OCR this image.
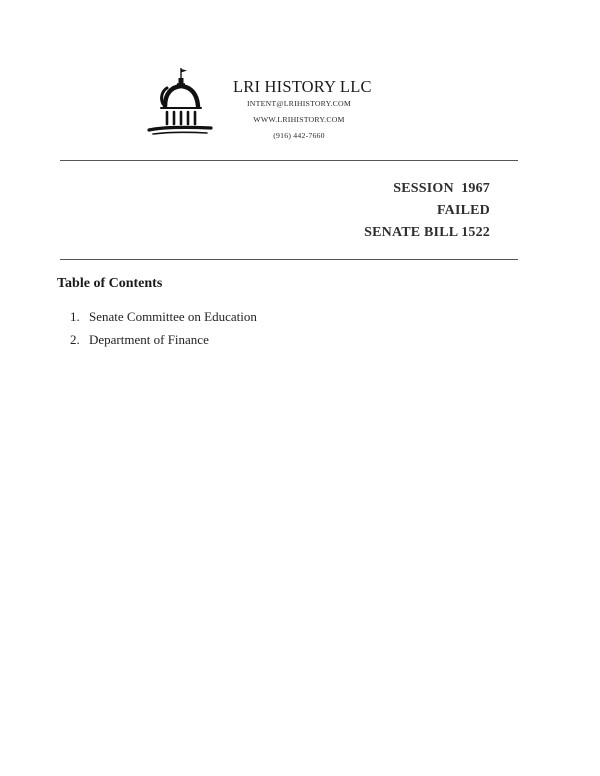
LRI HISTORY LLC
INTENT@LRIHISTORY.COM
WWW.LRIHISTORY.COM
(916) 442-7660
SESSION  1967
FAILED
SENATE BILL 1522
Table of Contents
1. Senate Committee on Education
2. Department of Finance
